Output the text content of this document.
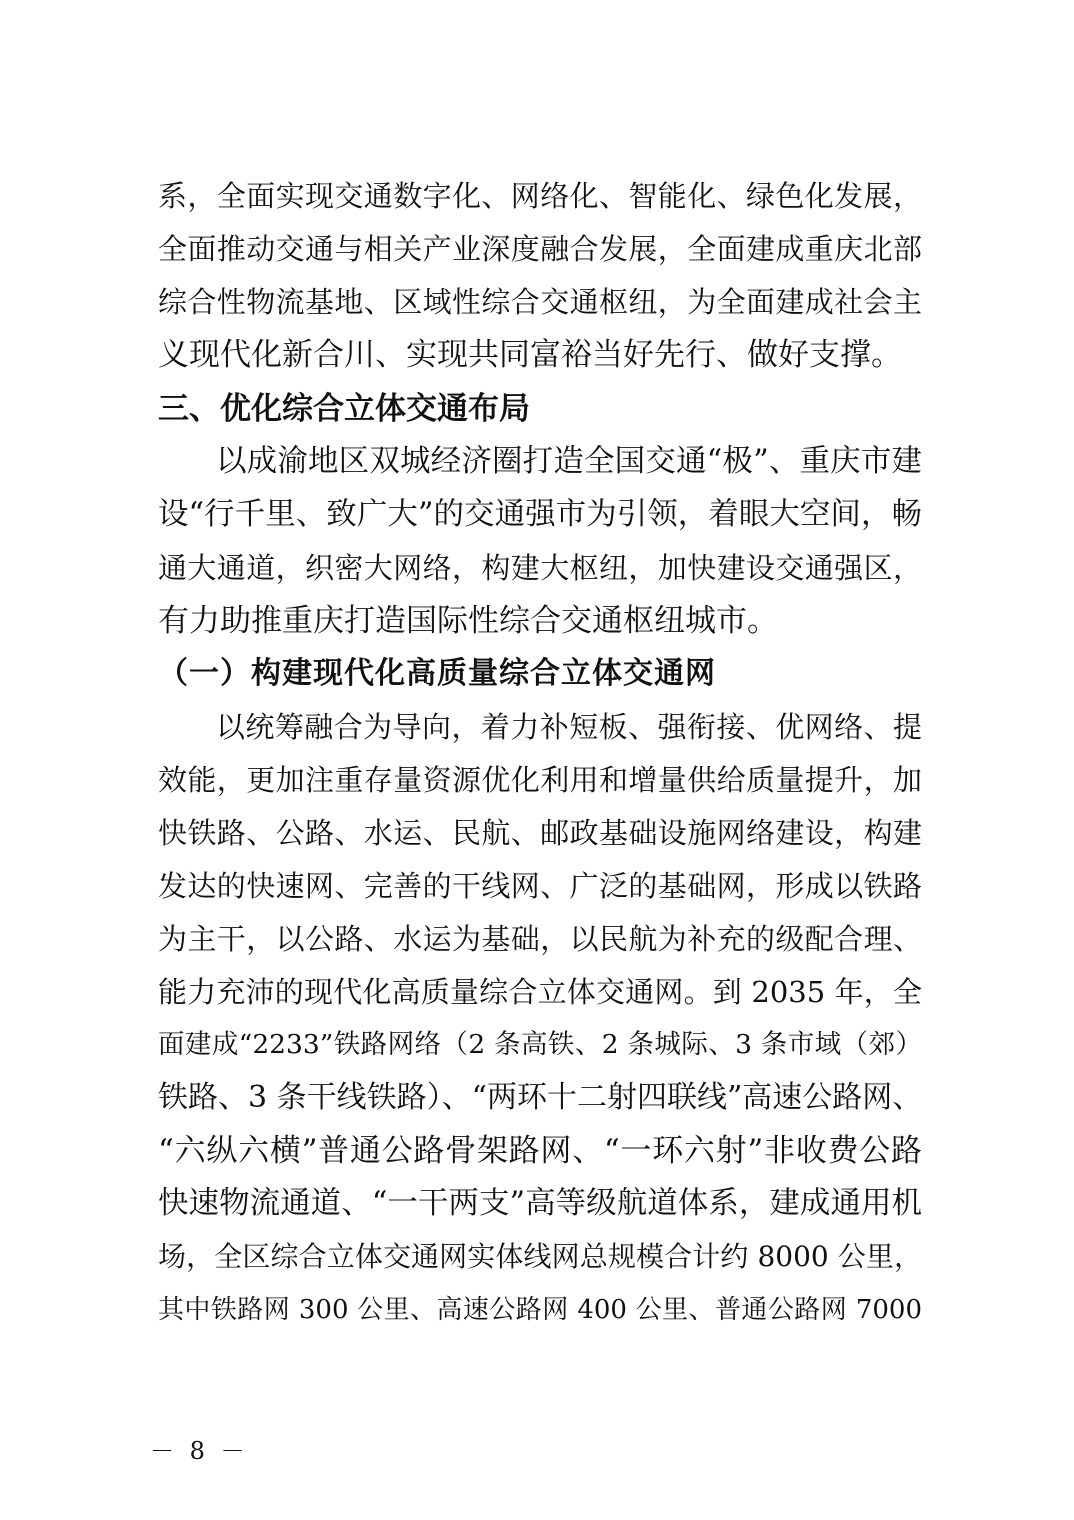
系，全面实现交通数字化、网络化、智能化、绿色化发展，
全面推动交通与相关产业深度融合发展，全面建成重庆北部
综合性物流基地、区域性综合交通枢纽，为全面建成社会主
义现代化新合川、实现共同富裕当好先行、做好支撑。
三、优化综合立体交通布局
以成渝地区双城经济圈打造全国交通“极”、重庆市建
设“行千里、致广大”的交通强市为引领，着眼大空间，畅
通大通道，织密大网络，构建大枢纽，加快建设交通强区，
有力助推重庆打造国际性综合交通枢纽城市。
（一）构建现代化高质量综合立体交通网
以统筹融合为导向，着力补短板、强衔接、优网络、提
效能，更加注重存量资源优化利用和增量供给质量提升，加
快铁路、公路、水运、民航、邮政基础设施网络建设，构建
发达的快速网、完善的干线网、广泛的基础网，形成以铁路
为主干，以公路、水运为基础，以民航为补充的级配合理、
能力充沛的现代化高质量综合立体交通网。到 2035 年，全
面建成“2233”铁路网络（2 条高铁、2 条城际、3 条市域（郊）
铁路、3 条干线铁路）、“两环十二射四联线”高速公路网、
“六纵六横”普通公路骨架路网、“一环六射”非收费公路
快速物流通道、“一干两支”高等级航道体系，建成通用机
场，全区综合立体交通网实体线网总规模合计约 8000 公里，
其中铁路网 300 公里、高速公路网 400 公里、普通公路网 7000
－ 8 －
